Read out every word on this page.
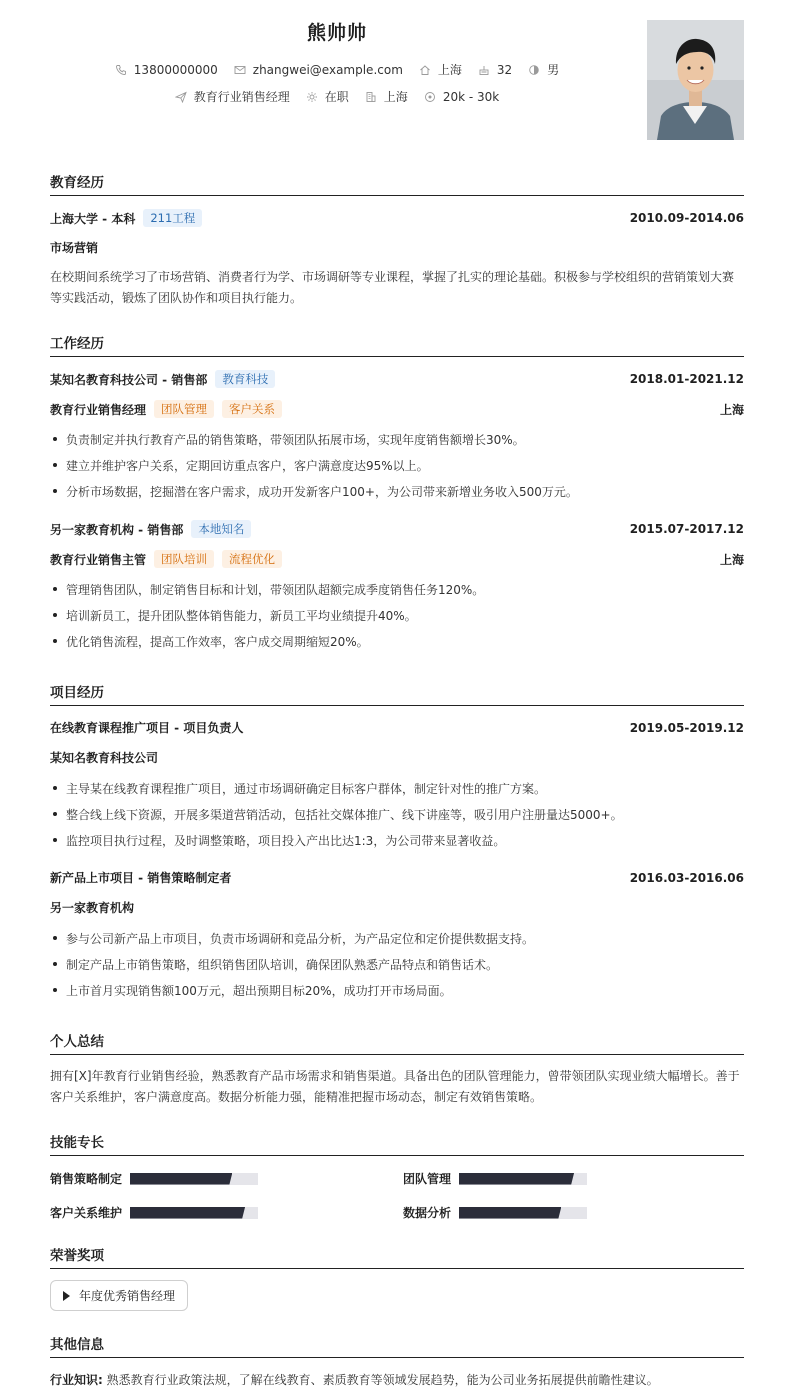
熊帅帅
13800000000	zhangwei@example.com	上海	32	男
教育行业销售经理	在职	上海	20k - 30k
教育经历
上海大学 - 本科	211工程	2010.09-2014.06
市场营销
在校期间系统学习了市场营销、消费者行为学、市场调研等专业课程，掌握了扎实的理论基础。积极参与学校组织的营销策划大赛等实践活动，锻炼了团队协作和项目执行能力。
工作经历
某知名教育科技公司 - 销售部	教育科技	2018.01-2021.12
教育行业销售经理	团队管理	客户关系	上海
负责制定并执行教育产品的销售策略，带领团队拓展市场，实现年度销售额增长30%。
建立并维护客户关系，定期回访重点客户，客户满意度达95%以上。
分析市场数据，挖掘潜在客户需求，成功开发新客户100+，为公司带来新增业务收入500万元。
另一家教育机构 - 销售部	本地知名	2015.07-2017.12
教育行业销售主管	团队培训	流程优化	上海
管理销售团队，制定销售目标和计划，带领团队超额完成季度销售任务120%。
培训新员工，提升团队整体销售能力，新员工平均业绩提升40%。
优化销售流程，提高工作效率，客户成交周期缩短20%。
项目经历
在线教育课程推广项目 - 项目负责人	2019.05-2019.12
某知名教育科技公司
主导某在线教育课程推广项目，通过市场调研确定目标客户群体，制定针对性的推广方案。
整合线上线下资源，开展多渠道营销活动，包括社交媒体推广、线下讲座等，吸引用户注册量达5000+。
监控项目执行过程，及时调整策略，项目投入产出比达1:3，为公司带来显著收益。
新产品上市项目 - 销售策略制定者	2016.03-2016.06
另一家教育机构
参与公司新产品上市项目，负责市场调研和竞品分析，为产品定位和定价提供数据支持。
制定产品上市销售策略，组织销售团队培训，确保团队熟悉产品特点和销售话术。
上市首月实现销售额100万元，超出预期目标20%，成功打开市场局面。
个人总结
拥有[X]年教育行业销售经验，熟悉教育产品市场需求和销售渠道。具备出色的团队管理能力，曾带领团队实现业绩大幅增长。善于客户关系维护，客户满意度高。数据分析能力强，能精准把握市场动态，制定有效销售策略。
技能专长
销售策略制定	团队管理
客户关系维护	数据分析
荣誉奖项
年度优秀销售经理
其他信息
行业知识: 熟悉教育行业政策法规，了解在线教育、素质教育等领域发展趋势，能为公司业务拓展提供前瞻性建议。
